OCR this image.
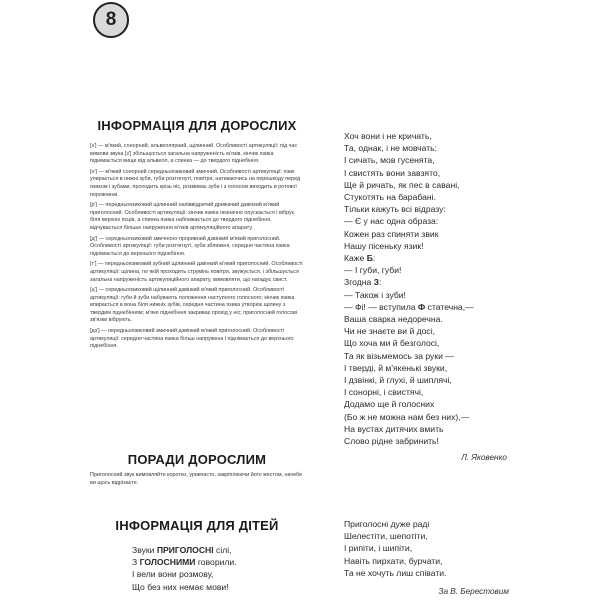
8
ІНФОРМАЦІЯ ДЛЯ ДОРОСЛИХ
[з'] — м'який, сонорний, альвеолярний, щілинний. Особливості артикуляції: під час вимови звука [з'] збільшується загальна напруженість м'язів, кінчик язика піднімається вище від альвеол, а спинка — до твердого піднебіння.
[н'] — м'який сонорний середньоязиковий змичний. Особливості артикуляції: язик упирається в нижні зуби, губи розтягнуті, повітря, натикаючись на перешкоду перед язиком і зубами, проходить крізь ніс, розмиває зуби і з голосом виходить в ротової порожнини.
[р'] — передньоязиковий щілинний напіввідритий дрижачий дзвінкий м'який приголосний. Особливості артикуляції: кінчик язика незначно опускається і вібрує біля верхніх ясців, а спинка язика наближається до твердого піднебіння, відчувається більше напруження м'язів артикуляційного апарату.
[д'] — середньоязиковий змичноно-проривний дзвінкий м'який приголосний. Особливості артикуляції: губи розтягнуті, зуби зближені, середня частина язика піднімається до верхнього піднебіння.
[т'] — передньоязиковий зубний щілинний дзвінкий м'який приголосний. Особливості артикуляції: щілина, по якій проходить струмінь повітря, звужується, і збільшується загальна напруженість артикуляційного апарату, вимовляти, що нагадує свист.
[ц'] — середньоязиковий щілинний дзвінкий м'який приголосний. Особливості артикуляції: губи й зуби набувають положення наступного голосного; кінчик язика впирається в вона біля нижніх зубів, середня частина язика утворює щілину з твердим піднебінням; м'яке піднебіння закриває прохід у ніс; приголосний голосові зв'язки вібрують.
[дз'] — передньоязиковий змичний дзвінкий м'який приголосний. Особливості артикуляції: середня частина язика більш напружена і піднімається до верхнього піднебіння.
ПОРАДИ ДОРОСЛИМ
Приголосний звук вимовляйте коротко, уривчасто, закріплюючи його жестом, начебе ви щось відрізаєте.
ІНФОРМАЦІЯ ДЛЯ ДІТЕЙ
Звуки ПРИГОЛОСНІ сілі,
З ГОЛОСНИМИ говорили.
І вели вони розмову,
Що без них немає мови!
Хоч вони і не кричать,
Та, однак, і не мовчать:
І сичать, мов гусенята,
І свистять вони завзято,
Ще й ричать, як пес в савані,
Стукотять на барабані.
Тільки кажуть всі відразу:
— Є у нас одна образа:
Кожен раз спиняти звик
Нашу пісеньку язик!
Каже Б:
— І губи, губи!
Згодна З:
— Також і зуби!
— Фі! — вступила Ф статечна,—
Ваша сварка недоречна.
Чи не знаєте ви й досі,
Що хоча ми й безголосі,
Та як візьмемось за руки —
І тверді, й м'якенькі звуки,
І дзвінкі, й глухі, й шиплячі,
І сонорні, і свистячі,
Додамо ще й голосних
(Бо ж не можна нам без них),—
На вустах дитячих вмить
Слово рідне забринить!
Л. Яковенко
Приголосні дуже раді
Шелестіти, шепотіти,
І рипіти, і шипіти,
Навіть пирхати, бурчати,
Та не хочуть лиш співати.
За В. Берестовим
